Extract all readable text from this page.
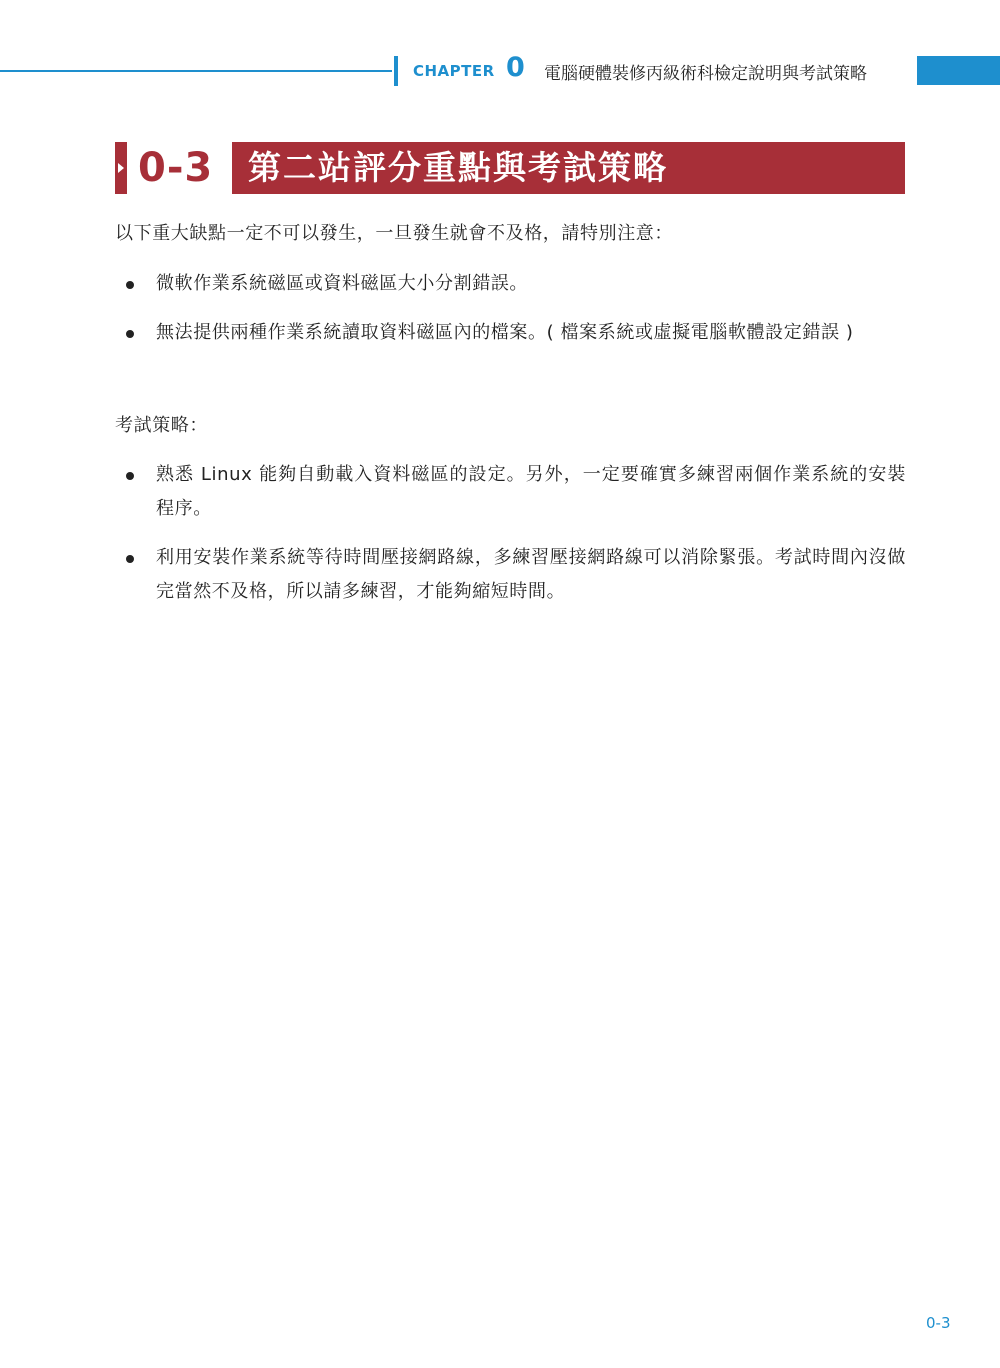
CHAPTER 0 電腦硬體裝修丙級術科檢定說明與考試策略
0-3 第二站評分重點與考試策略
以下重大缺點一定不可以發生，一旦發生就會不及格，請特別注意：
微軟作業系統磁區或資料磁區大小分割錯誤。
無法提供兩種作業系統讀取資料磁區內的檔案。( 檔案系統或虛擬電腦軟體設定錯誤 )
考試策略：
熟悉 Linux 能夠自動載入資料磁區的設定。另外，一定要確實多練習兩個作業系統的安裝程序。
利用安裝作業系統等待時間壓接網路線，多練習壓接網路線可以消除緊張。考試時間內沒做完當然不及格，所以請多練習，才能夠縮短時間。
0-3
